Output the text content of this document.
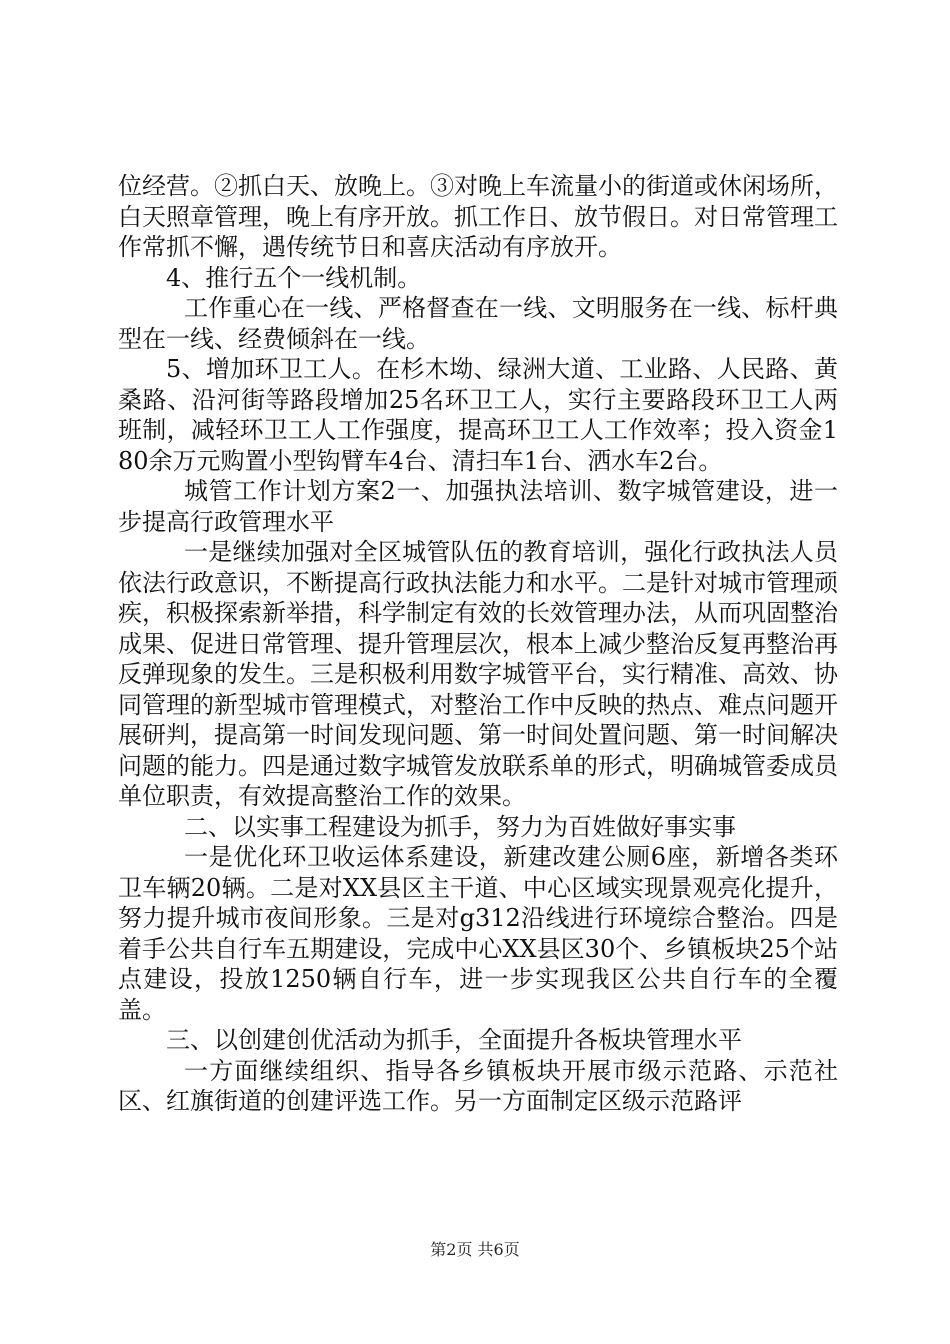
位经营。②抓白天、放晚上。③对晚上车流量小的街道或休闲场所，白天照章管理，晚上有序开放。抓工作日、放节假日。对日常管理工作常抓不懈，遇传统节日和喜庆活动有序放开。

4、推行五个一线机制。

工作重心在一线、严格督查在一线、文明服务在一线、标杆典型在一线、经费倾斜在一线。

5、增加环卫工人。在杉木坳、绿洲大道、工业路、人民路、黄桑路、沿河街等路段增加25名环卫工人，实行主要路段环卫工人两班制，减轻环卫工人工作强度，提高环卫工人工作效率；投入资金180余万元购置小型钩臂车4台、清扫车1台、洒水车2台。

城管工作计划方案2一、加强执法培训、数字城管建设，进一步提高行政管理水平

一是继续加强对全区城管队伍的教育培训，强化行政执法人员依法行政意识，不断提高行政执法能力和水平。二是针对城市管理顽疾，积极探索新举措，科学制定有效的长效管理办法，从而巩固整治成果、促进日常管理、提升管理层次，根本上减少整治反复再整治再反弹现象的发生。三是积极利用数字城管平台，实行精准、高效、协同管理的新型城市管理模式，对整治工作中反映的热点、难点问题开展研判，提高第一时间发现问题、第一时间处置问题、第一时间解决问题的能力。四是通过数字城管发放联系单的形式，明确城管委成员单位职责，有效提高整治工作的效果。

二、以实事工程建设为抓手，努力为百姓做好事实事

一是优化环卫收运体系建设，新建改建公厕6座，新增各类环卫车辆20辆。二是对XX县区主干道、中心区域实现景观亮化提升，努力提升城市夜间形象。三是对g312沿线进行环境综合整治。四是着手公共自行车五期建设，完成中心XX县区30个、乡镇板块25个站点建设，投放1250辆自行车，进一步实现我区公共自行车的全覆盖。

三、以创建创优活动为抓手，全面提升各板块管理水平

一方面继续组织、指导各乡镇板块开展市级示范路、示范社区、红旗街道的创建评选工作。另一方面制定区级示范路评

第2页 共6页
